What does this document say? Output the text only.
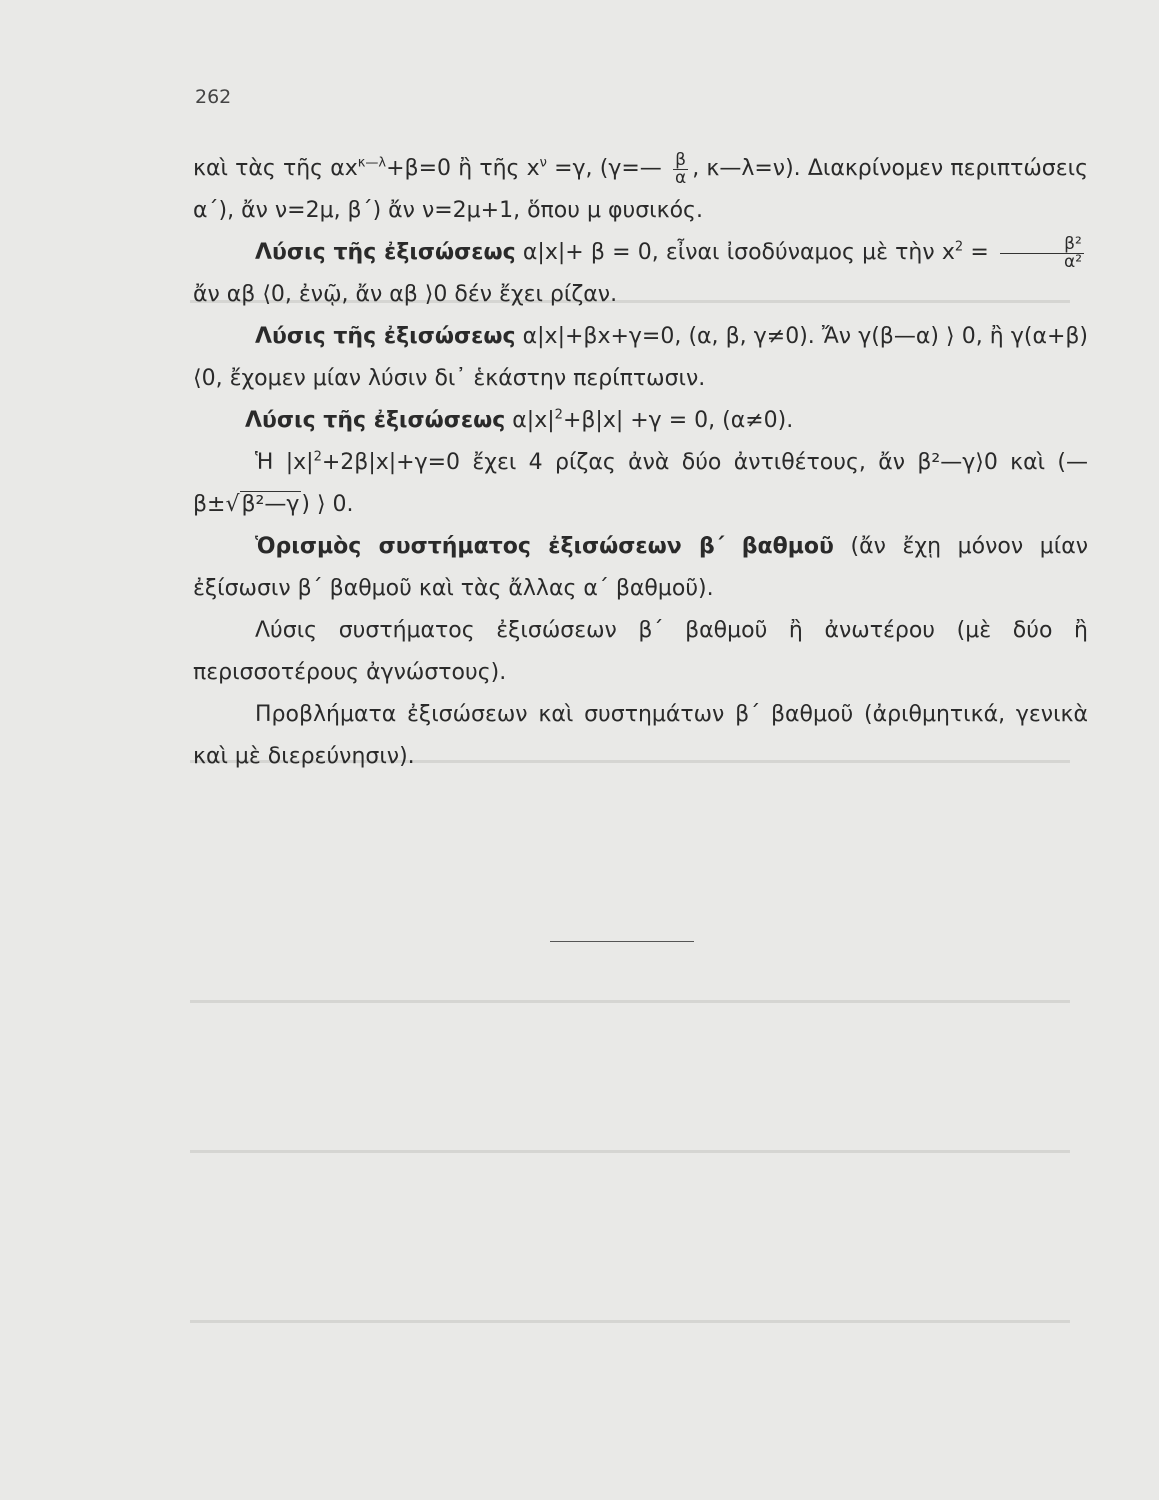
262

καὶ τὰς τῆς $\alpha x^{\kappa—\lambda}+\beta=0$ ἢ τῆς $x^\nu =\gamma$, (γ=— $\frac{\beta}{\alpha}$ , κ—λ=ν). Διακρίνομεν περιπτώσεις α΄), ἄν ν=2μ, β΄) ἄν ν=2μ+1, ὅπου μ φυσικός.

Λύσις τῆς ἐξισώσεως α|x|+ β = 0, εἶναι ἰσοδύναμος μὲ τὴν $x^2 = \frac{\text{β²}}{\text{α²}}$
ἄν αβ ⟨0, ἐνῷ, ἄν αβ ⟩0 δέν ἔχει ρίζαν.

Λύσις τῆς ἐξισώσεως α|x|+βx+γ=0, (α, β, γ≠0). Ἄν γ(β—α) ⟩ 0, ἢ γ(α+β) ⟨0, ἔχομεν μίαν λύσιν δι᾽ ἑκάστην περίπτωσιν.

Λύσις τῆς ἐξισώσεως $\alpha|x|^2+\beta|x| +\gamma = 0$, (α≠0).

Ἡ $|x|^2+2\beta|x|+\gamma=0$ ἔχει 4 ρίζας ἀνὰ δύο ἀντιθέτους, ἄν β²—γ⟩0 καὶ (—β±√β²—γ) ⟩ 0.

Ὁρισμὸς συστήματος ἐξισώσεων β΄ βαθμοῦ (ἄν ἔχῃ μόνον μίαν ἐξίσωσιν β΄ βαθμοῦ καὶ τὰς ἄλλας α΄ βαθμοῦ).

Λύσις συστήματος ἐξισώσεων β΄ βαθμοῦ ἢ ἀνωτέρου (μὲ δύο ἢ περισσοτέρους ἀγνώστους).

Προβλήματα ἐξισώσεων καὶ συστημάτων β΄ βαθμοῦ (ἀριθμητικά, γενικὰ καὶ μὲ διερεύνησιν).
